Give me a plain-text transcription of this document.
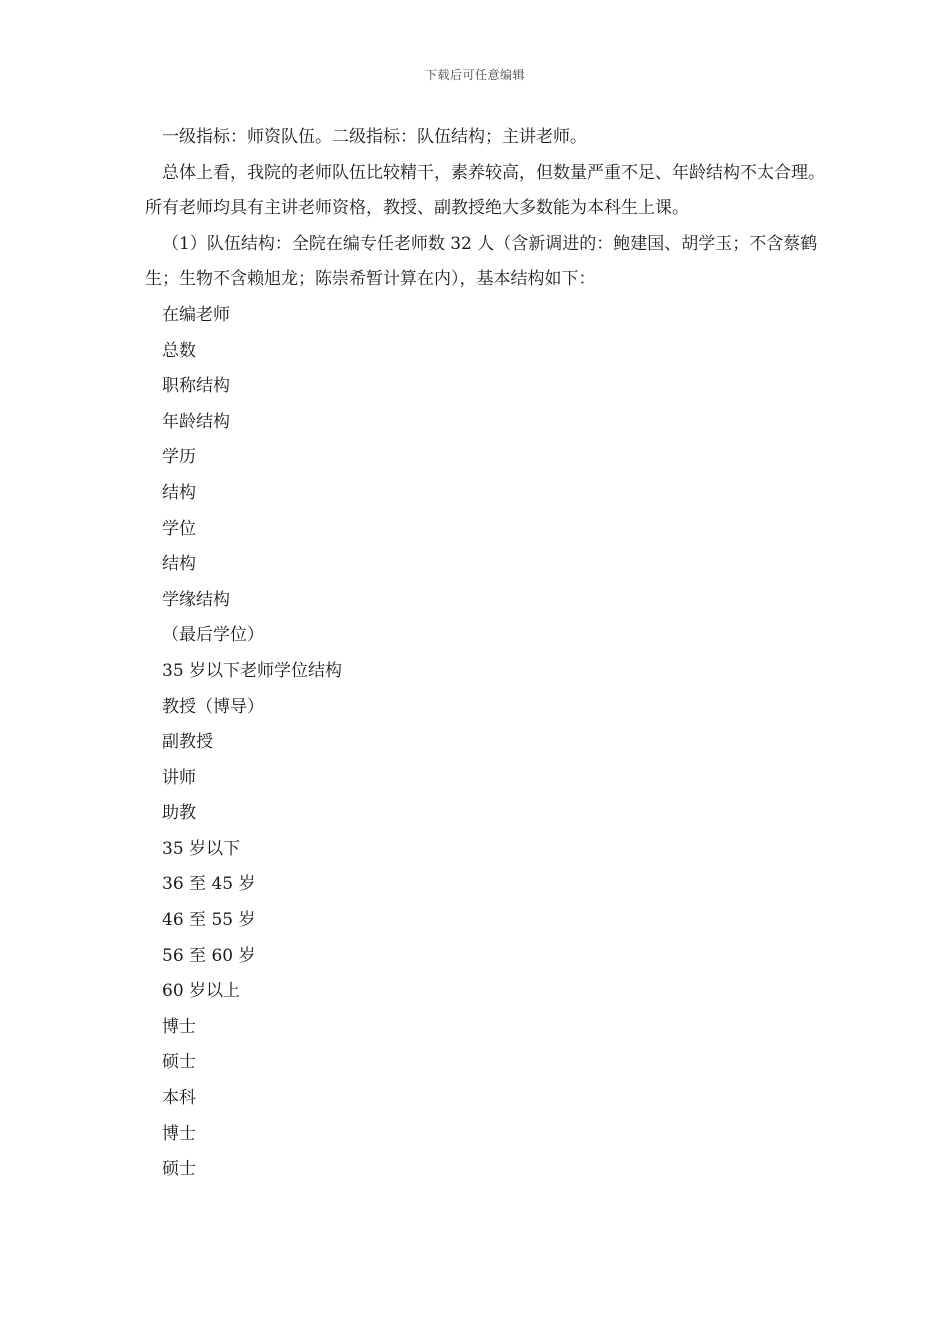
下载后可任意编辑

一级指标：师资队伍。二级指标：队伍结构；主讲老师。

总体上看，我院的老师队伍比较精干，素养较高，但数量严重不足、年龄结构不太合理。所有老师均具有主讲老师资格，教授、副教授绝大多数能为本科生上课。

（1）队伍结构：全院在编专任老师数 32 人（含新调进的：鲍建国、胡学玉；不含蔡鹤生；生物不含赖旭龙；陈崇希暂计算在内），基本结构如下：

在编老师

总数

职称结构

年龄结构

学历

结构

学位

结构

学缘结构

（最后学位）

35 岁以下老师学位结构

教授（博导）

副教授

讲师

助教

35 岁以下

36 至 45 岁

46 至 55 岁

56 至 60 岁

60 岁以上

博士

硕士

本科

博士

硕士
